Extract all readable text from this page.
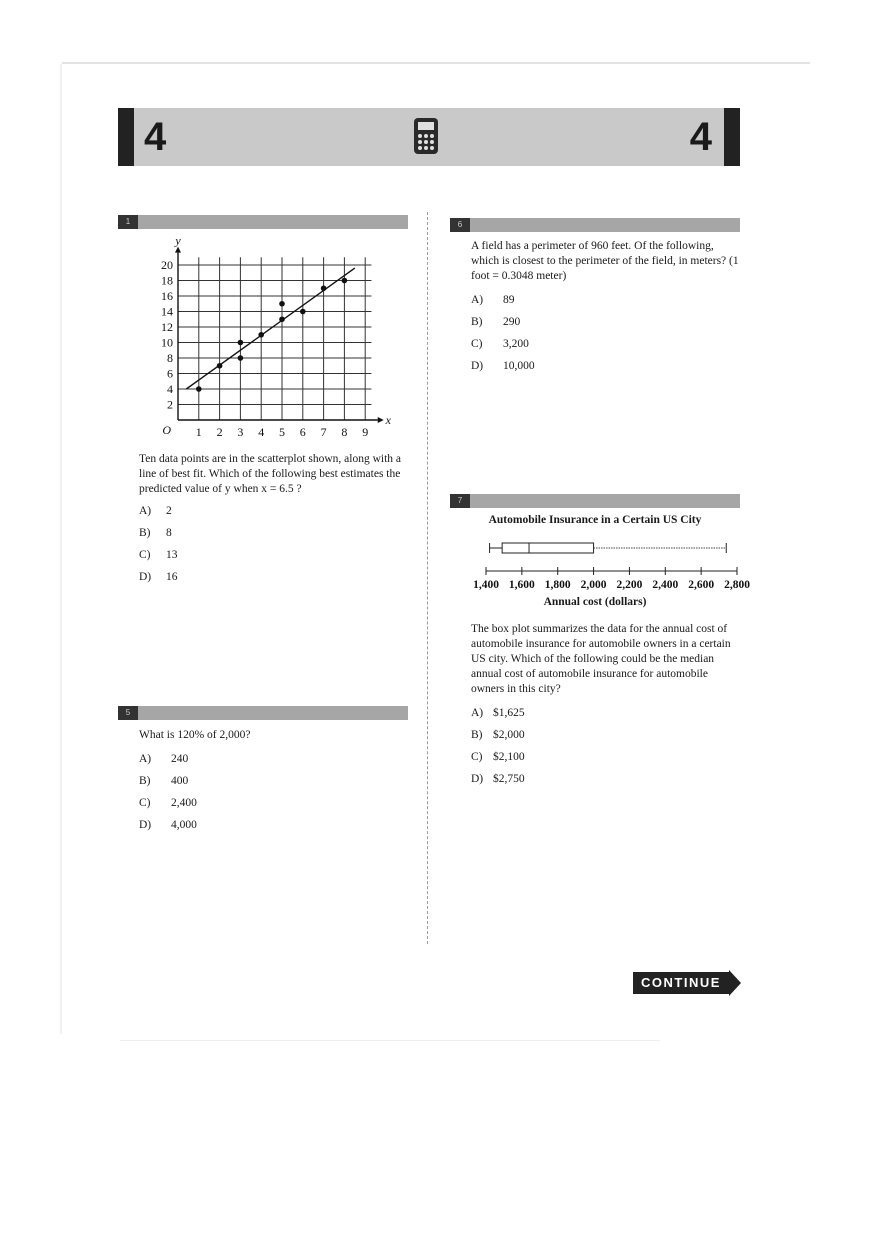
4	4
1
1 2 3 4 5 6 7 8 9
2
4
6
8
10
12
14
16
18
20
O
x
y
Ten data points are in the scatterplot shown, along with a line of best fit. Which of the following best estimates the predicted value of y when x = 6.5 ?
A) 2
B) 8
C) 13
D) 16
5
What is 120% of 2,000?
A) 240
B) 400
C) 2,400
D) 4,000
6
A field has a perimeter of 960 feet. Of the following, which is closest to the perimeter of the field, in meters? (1 foot = 0.3048 meter)
A) 89
B) 290
C) 3,200
D) 10,000
7
Automobile Insurance in a Certain US City
1,400 1,600 1,800 2,000 2,200 2,400 2,600 2,800
Annual cost (dollars)
The box plot summarizes the data for the annual cost of automobile insurance for automobile owners in a certain US city. Which of the following could be the median annual cost of automobile insurance for automobile owners in this city?
A) $1,625
B) $2,000
C) $2,100
D) $2,750
CONTINUE
